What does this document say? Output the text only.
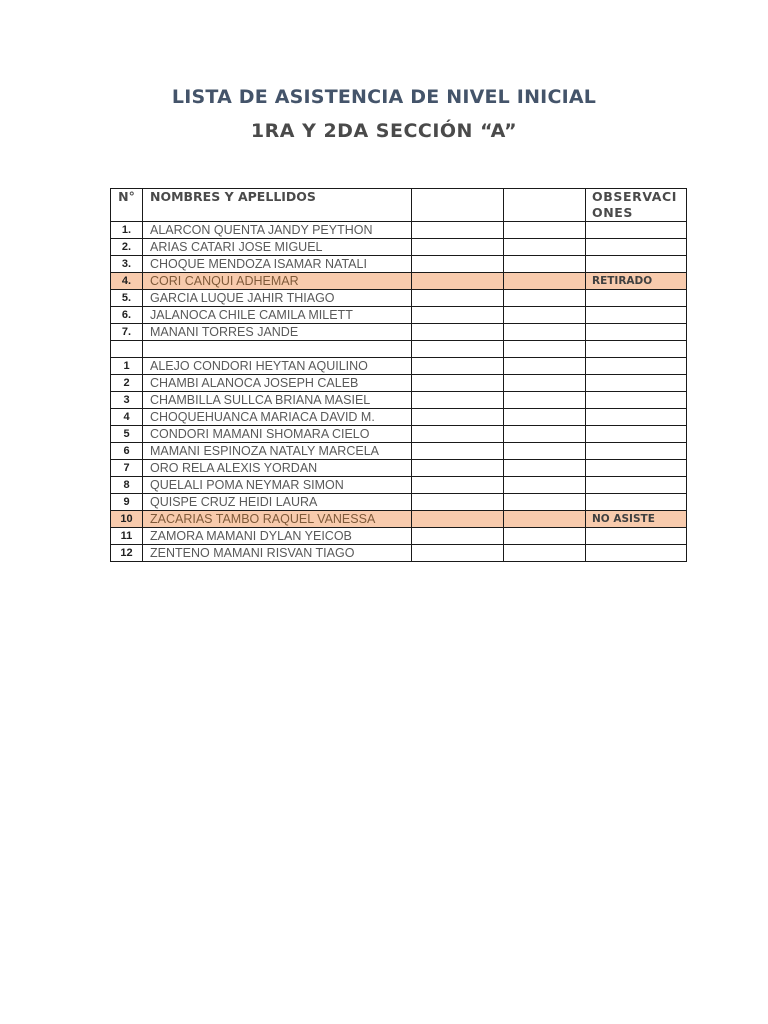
LISTA DE ASISTENCIA DE NIVEL INICIAL
1RA Y 2DA SECCIÓN “A”
N°	NOMBRES Y APELLIDOS			OBSERVACIONES
1.	ALARCON QUENTA JANDY PEYTHON			
2.	ARIAS CATARI JOSE MIGUEL			
3.	CHOQUE MENDOZA ISAMAR NATALI			
4.	CORI CANQUI ADHEMAR			RETIRADO
5.	GARCIA LUQUE JAHIR THIAGO			
6.	JALANOCA CHILE CAMILA MILETT			
7.	MANANI TORRES JANDE			

1	ALEJO CONDORI HEYTAN AQUILINO			
2	CHAMBI ALANOCA JOSEPH CALEB			
3	CHAMBILLA SULLCA BRIANA MASIEL			
4	CHOQUEHUANCA MARIACA DAVID M.			
5	CONDORI MAMANI SHOMARA CIELO			
6	MAMANI ESPINOZA NATALY MARCELA			
7	ORO RELA ALEXIS YORDAN			
8	QUELALI POMA NEYMAR SIMON			
9	QUISPE CRUZ HEIDI LAURA			
10	ZACARIAS TAMBO RAQUEL VANESSA			NO ASISTE
11	ZAMORA MAMANI DYLAN YEICOB			
12	ZENTENO MAMANI RISVAN TIAGO			
